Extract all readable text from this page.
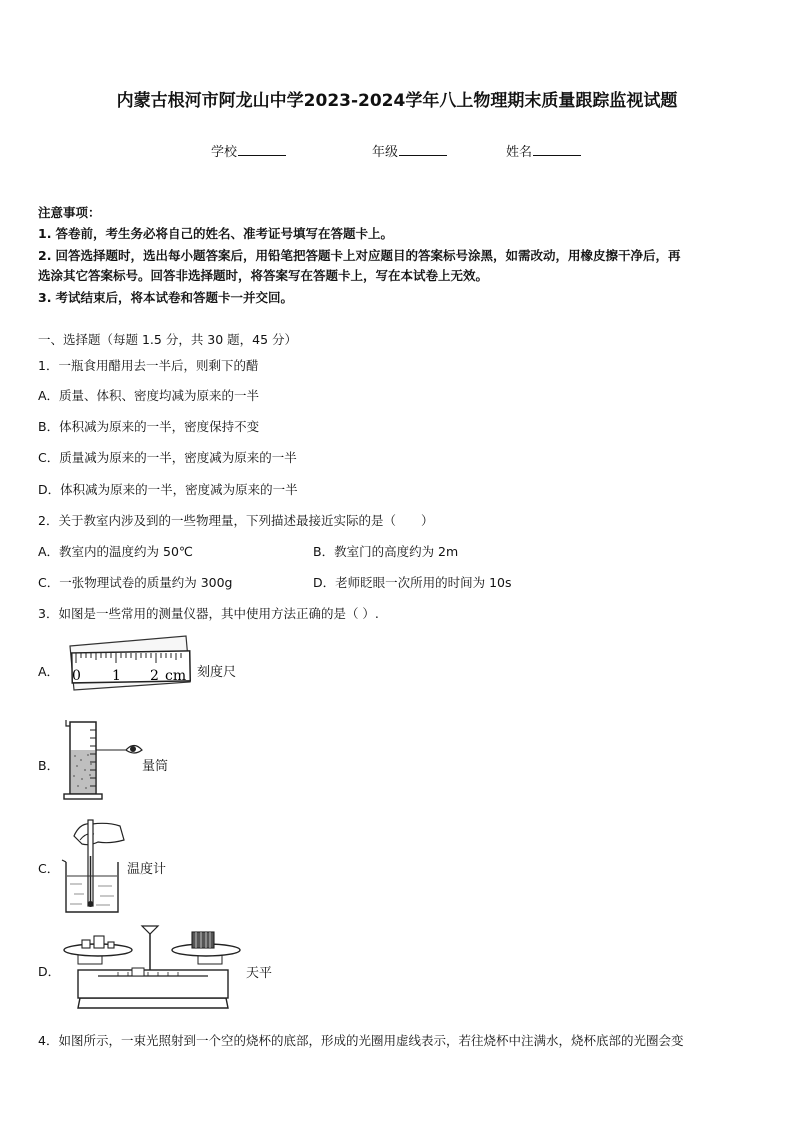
内蒙古根河市阿龙山中学2023-2024学年八上物理期末质量跟踪监视试题
学校	年级	姓名
注意事项：
1. 答卷前，考生务必将自己的姓名、准考证号填写在答题卡上。
2. 回答选择题时，选出每小题答案后，用铅笔把答题卡上对应题目的答案标号涂黑，如需改动，用橡皮擦干净后，再
选涂其它答案标号。回答非选择题时，将答案写在答题卡上，写在本试卷上无效。
3. 考试结束后，将本试卷和答题卡一并交回。
一、选择题（每题 1.5 分，共 30 题，45 分）
1．一瓶食用醋用去一半后，则剩下的醋
A．质量、体积、密度均减为原来的一半
B．体积减为原来的一半，密度保持不变
C．质量减为原来的一半，密度减为原来的一半
D．体积减为原来的一半，密度减为原来的一半
2．关于教室内涉及到的一些物理量，下列描述最接近实际的是（　　）
A．教室内的温度约为 50℃	B．教室门的高度约为 2m
C．一张物理试卷的质量约为 300g	D．老师眨眼一次所用的时间为 10s
3．如图是一些常用的测量仪器，其中使用方法正确的是（ ）.
A． 0 1 2 cm 刻度尺
B．	量筒
C．	温度计
D．	天平
4．如图所示，一束光照射到一个空的烧杯的底部，形成的光圈用虚线表示，若往烧杯中注满水，烧杯底部的光圈会变
